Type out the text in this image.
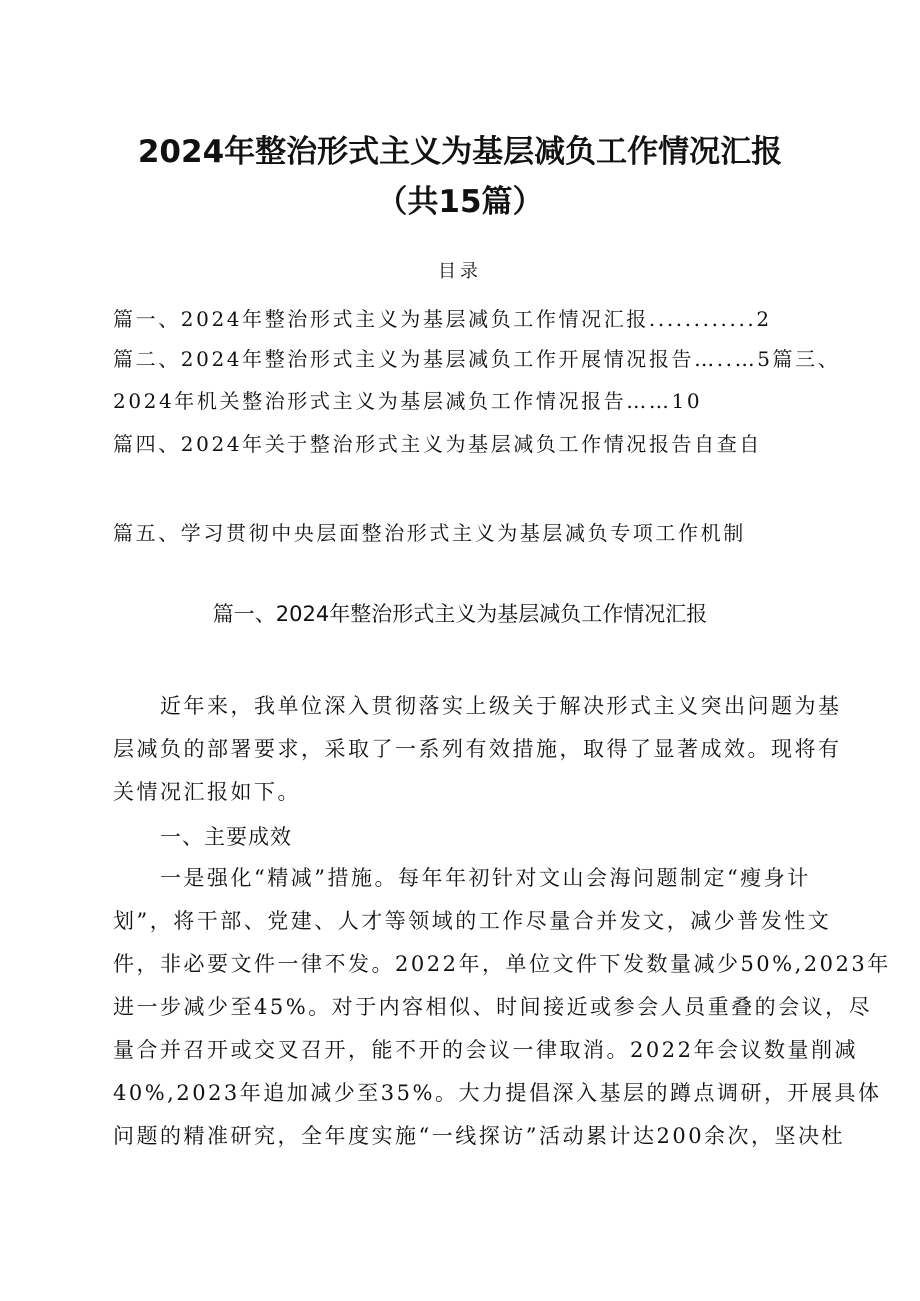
2024年整治形式主义为基层减负工作情况汇报
（共15篇）
目录
篇一、2024年整治形式主义为基层减负工作情况汇报............2
篇二、2024年整治形式主义为基层减负工作开展情况报告…..…5篇三、
2024年机关整治形式主义为基层减负工作情况报告……10
篇四、2024年关于整治形式主义为基层减负工作情况报告自查自
篇五、学习贯彻中央层面整治形式主义为基层减负专项工作机制
篇一、2024年整治形式主义为基层减负工作情况汇报
近年来，我单位深入贯彻落实上级关于解决形式主义突出问题为基
层减负的部署要求，采取了一系列有效措施，取得了显著成效。现将有
关情况汇报如下。
一、主要成效
一是强化“精减”措施。每年年初针对文山会海问题制定“瘦身计
划”，将干部、党建、人才等领域的工作尽量合并发文，减少普发性文
件，非必要文件一律不发。2022年，单位文件下发数量减少50%,2023年
进一步减少至45%。对于内容相似、时间接近或参会人员重叠的会议，尽
量合并召开或交叉召开，能不开的会议一律取消。2022年会议数量削减
40%,2023年追加减少至35%。大力提倡深入基层的蹲点调研，开展具体
问题的精准研究，全年度实施“一线探访”活动累计达200余次，坚决杜
